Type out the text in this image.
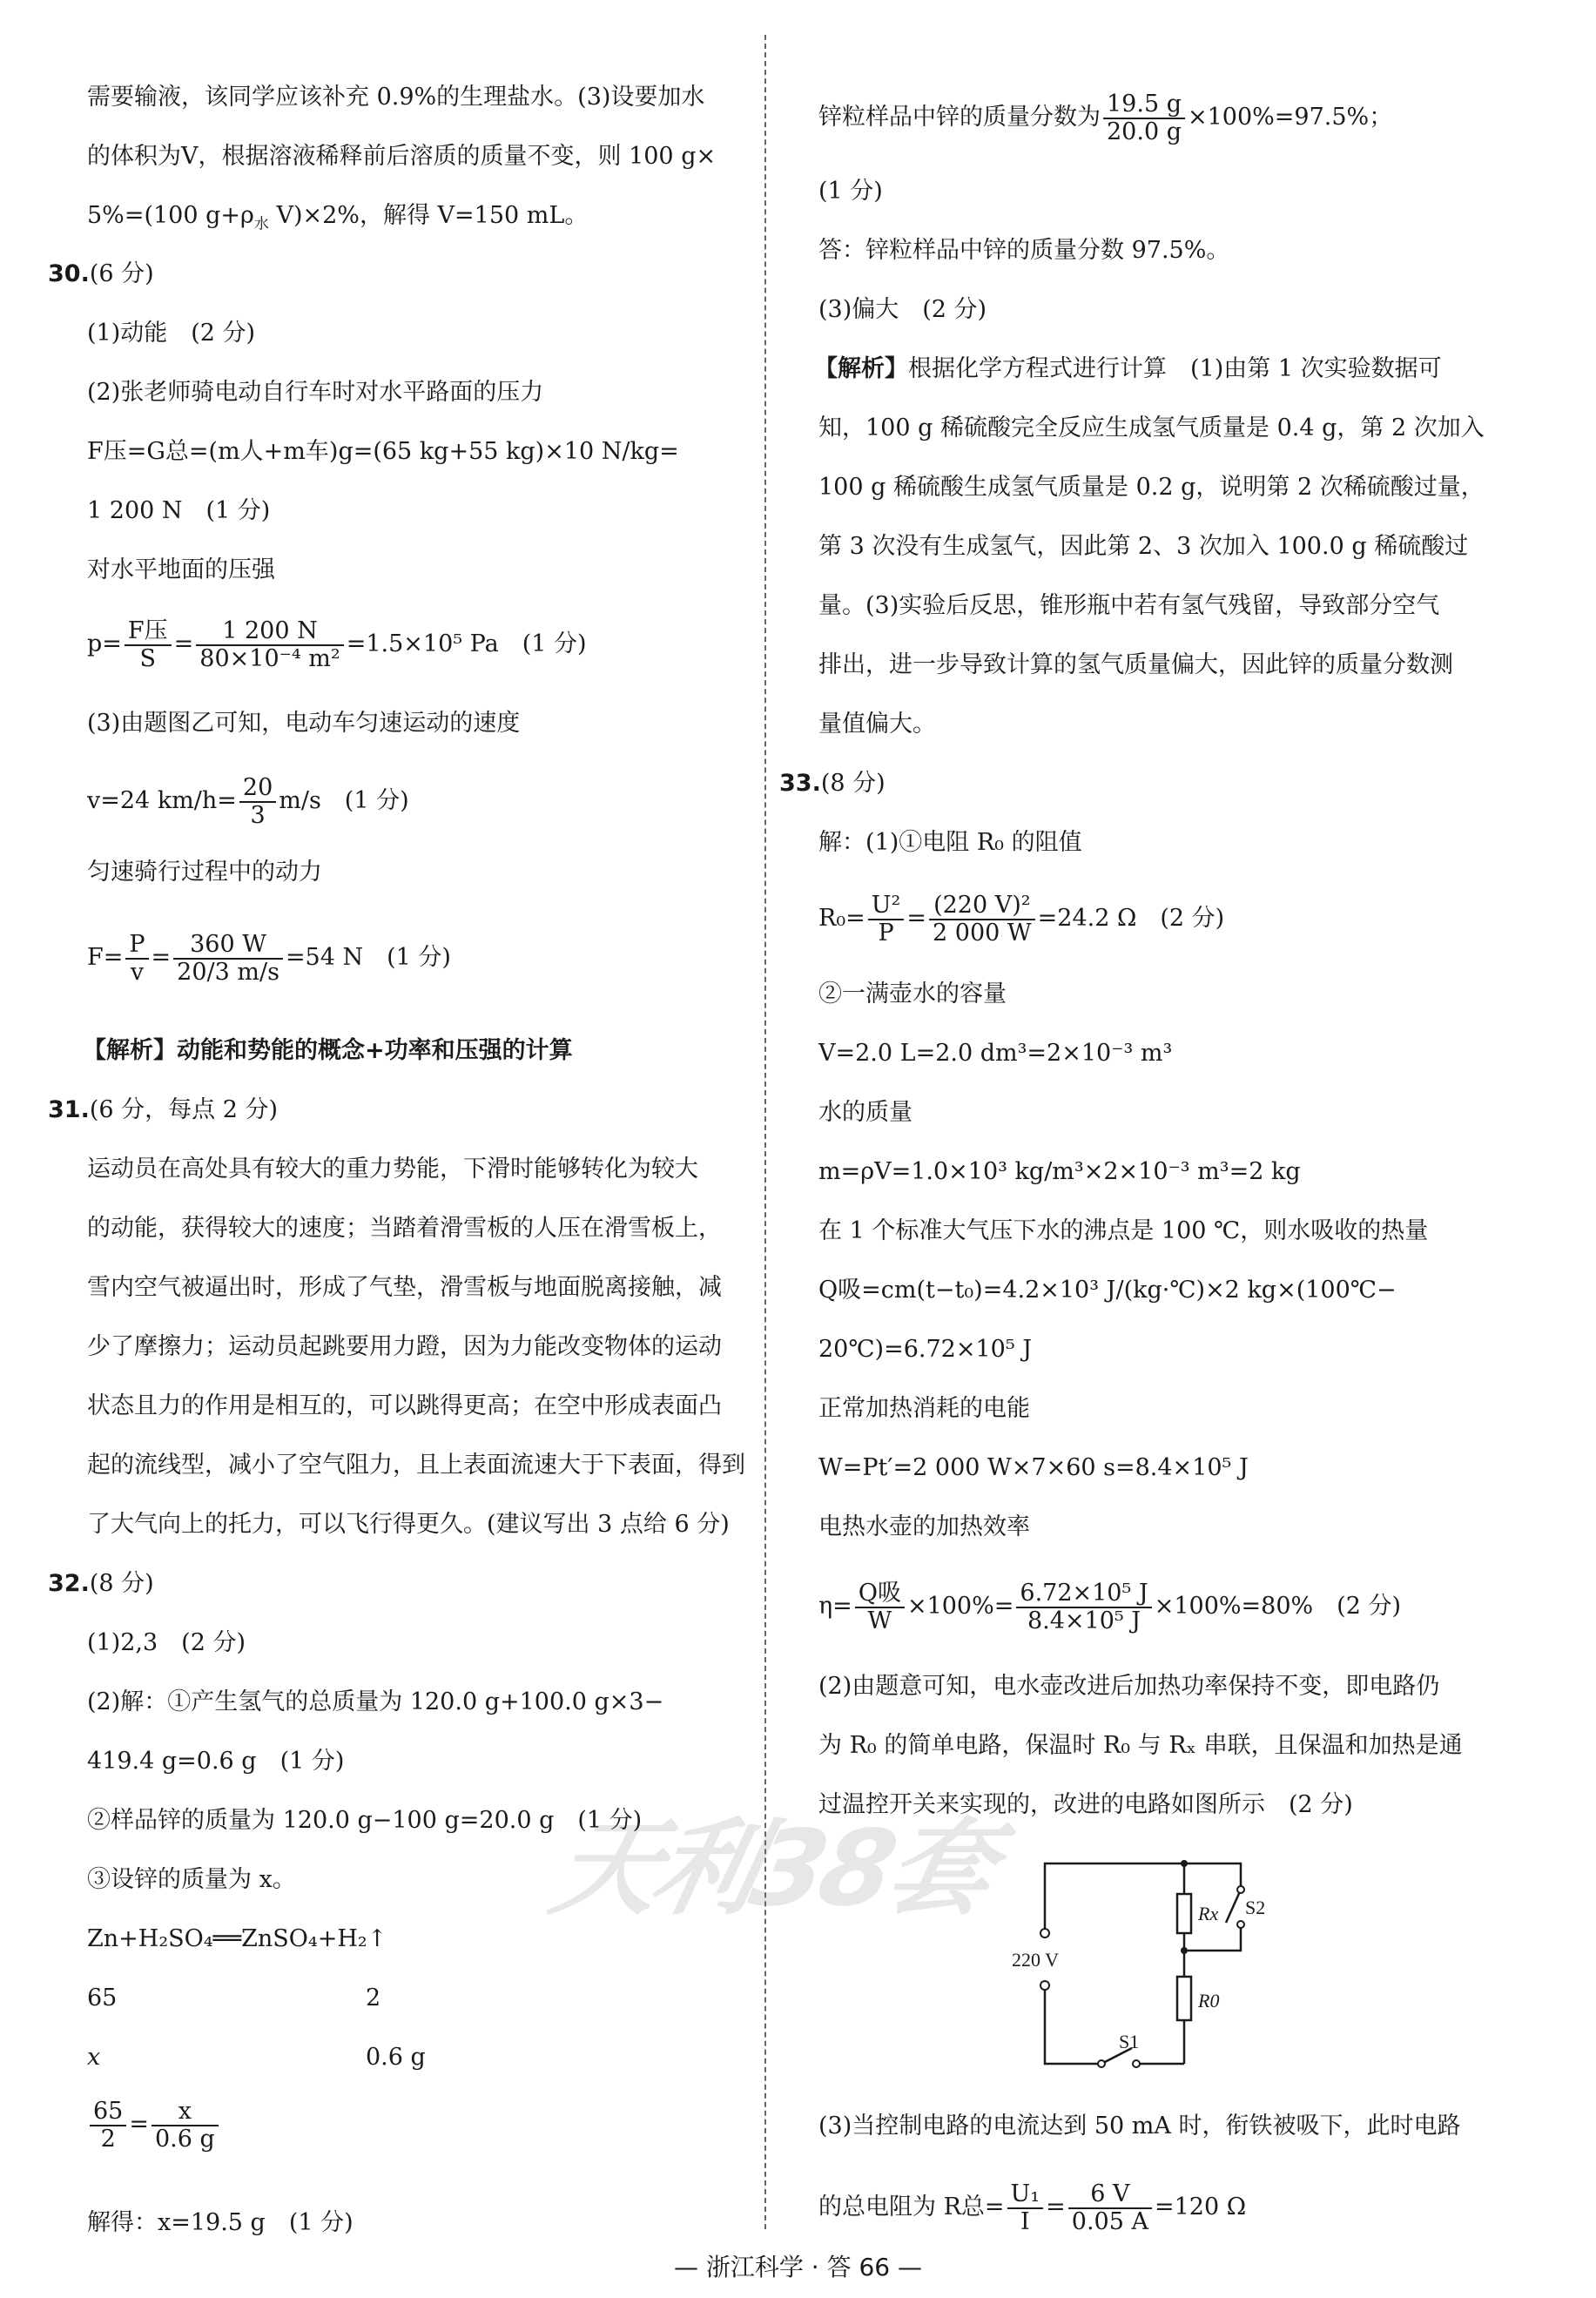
天利38套
需要输液，该同学应该补充 0.9%的生理盐水。(3)设要加水
的体积为V，根据溶液稀释前后溶质的质量不变，则 100 g×
5%=(100 $g+\rho_水$ V)×2%，解得 V=150 mL。
30.(6 分)
(1)动能　(2 分)
(2)张老师骑电动自行车时对水平路面的压力
F压=G总=(m人+m车)g=(65 kg+55 kg)×10 N/kg=
1 200 N　(1 分)
对水平地面的压强
$p= \frac{\text{F压}}{S} = \frac{1 200 N}{\text{80×10⁻⁴ m²}} =1.5\times 10^5$ Pa　(1 分)
(3)由题图乙可知，电动车匀速运动的速度
v=24 $km/h= \frac{20}{3} m/s$　(1 分)
匀速骑行过程中的动力
$F= \frac{P}{v} = \frac{360 W}{20/3 m/s} =54$ N　(1 分)
【解析】动能和势能的概念+功率和压强的计算
31.(6 分，每点 2 分)
运动员在高处具有较大的重力势能，下滑时能够转化为较大
的动能，获得较大的速度；当踏着滑雪板的人压在滑雪板上，
雪内空气被逼出时，形成了气垫，滑雪板与地面脱离接触，减
少了摩擦力；运动员起跳要用力蹬，因为力能改变物体的运动
状态且力的作用是相互的，可以跳得更高；在空中形成表面凸
起的流线型，减小了空气阻力，且上表面流速大于下表面，得到
了大气向上的托力，可以飞行得更久。(建议写出 3 点给 6 分)
32.(8 分)
(1)2,3　(2 分)
(2)解：①产生氢气的总质量为 120.0 g+100.0 g×3−
419.4 g=0.6 g　(1 分)
②样品锌的质量为 120.0 g−100 g=20.0 g　(1 分)
③设锌的质量为 x。
Zn+H₂SO₄══ZnSO₄+H₂↑
65	2
x	0.6 g
$\frac{65}{2} = \frac{x}{0.6 g}$
解得：x=19.5 g　(1 分)
锌粒样品中锌的质量分数为 $\frac{19.5 g}{20.0 g} \times 100\%=97.5\%$；
(1 分)
答：锌粒样品中锌的质量分数 97.5%。
(3)偏大　(2 分)
【解析】根据化学方程式进行计算　(1)由第 1 次实验数据可
知，100 g 稀硫酸完全反应生成氢气质量是 0.4 g，第 2 次加入
100 g 稀硫酸生成氢气质量是 0.2 g，说明第 2 次稀硫酸过量，
第 3 次没有生成氢气，因此第 2、3 次加入 100.0 g 稀硫酸过
量。(3)实验后反思，锥形瓶中若有氢气残留，导致部分空气
排出，进一步导致计算的氢气质量偏大，因此锌的质量分数测
量值偏大。
33.(8 分)
解：(1)①电阻 R₀ 的阻值
$R_0= \frac{\text{U²}}{P} = \frac{\text{(220 V)²}}{2 000 W} =24.2$ Ω　(2 分)
②一满壶水的容量
V=2.0 L=2.0 dm³=2×10⁻³ m³
水的质量
m=ρV=1.0×10³ kg/m³×2×10⁻³ m³=2 kg
在 1 个标准大气压下水的沸点是 100 ℃，则水吸收的热量
Q吸=cm(t−t₀)=4.2×10³ J/(kg·℃)×2 kg×(100℃−
20℃)=6.72×10⁵ J
正常加热消耗的电能
W=Pt′=2 000 W×7×60 s=8.4×10⁵ J
电热水壶的加热效率
$\eta= \frac{\text{Q吸}}{W} \times 100\%= \frac{\text{6.72×10⁵ J}}{\text{8.4×10⁵ J}} \times 100\%=80\%$　(2 分)
(2)由题意可知，电水壶改进后加热功率保持不变，即电路仍
为 R₀ 的简单电路，保温时 R₀ 与 Rₓ 串联，且保温和加热是通
过温控开关来实现的，改进的电路如图所示　(2 分)
(3)当控制电路的电流达到 50 mA 时，衔铁被吸下，此时电路
的总电阻为 R总= $\frac{\text{U₁}}{I} = \frac{6 V}{0.05 A} =120$ Ω
220 V
Rx
R0
S1
S2
— 浙江科学 · 答 66 —
